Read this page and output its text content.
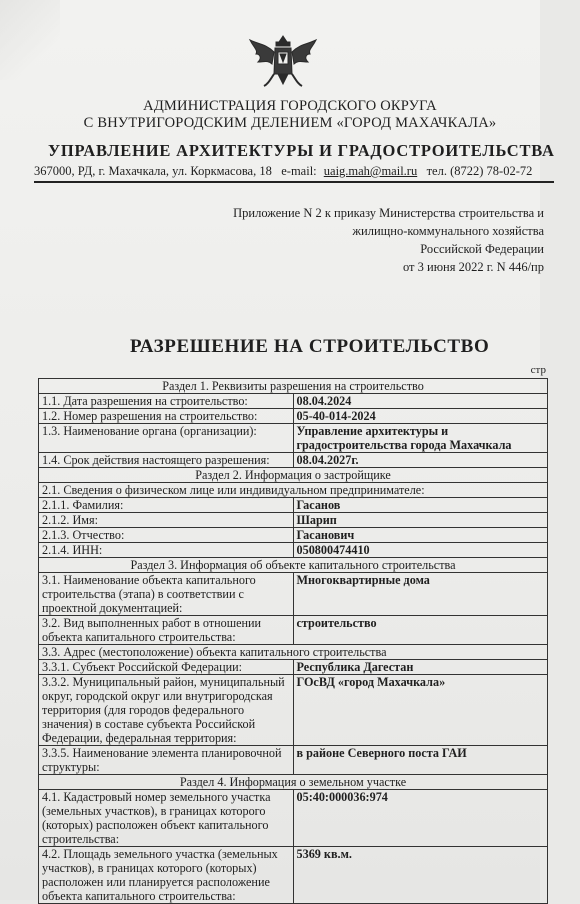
АДМИНИСТРАЦИЯ ГОРОДСКОГО ОКРУГА
С ВНУТРИГОРОДСКИМ ДЕЛЕНИЕМ «ГОРОД МАХАЧКАЛА»
УПРАВЛЕНИЕ АРХИТЕКТУРЫ И ГРАДОСТРОИТЕЛЬСТВА
367000, РД, г. Махачкала, ул. Коркмасова, 18 e-mail: uaig.mah@mail.ru тел. (8722) 78-02-72
Приложение N 2 к приказу Министерства строительства и
жилищно-коммунального хозяйства
Российской Федерации
от 3 июня 2022 г. N 446/пр
РАЗРЕШЕНИЕ НА СТРОИТЕЛЬСТВО
стр
Раздел 1. Реквизиты разрешения на строительство	
1.1. Дата разрешения на строительство:	08.04.2024
1.2. Номер разрешения на строительство:	05-40-014-2024
1.3. Наименование органа (организации):	Управление архитектуры и градостроительства города Махачкала
1.4. Срок действия настоящего разрешения:	08.04.2027г.
Раздел 2. Информация о застройщике	
2.1. Сведения о физическом лице или индивидуальном предпринимателе:	
2.1.1. Фамилия:	Гасанов
2.1.2. Имя:	Шарип
2.1.3. Отчество:	Гасанович
2.1.4. ИНН:	050800474410
Раздел 3. Информация об объекте капитального строительства	
3.1. Наименование объекта капитального строительства (этапа) в соответствии с проектной документацией:	Многоквартирные дома
3.2. Вид выполненных работ в отношении объекта капитального строительства:	строительство
3.3. Адрес (местоположение) объекта капитального строительства	
3.3.1. Субъект Российской Федерации:	Республика Дагестан
3.3.2. Муниципальный район, муниципальный округ, городской округ или внутригородская территория (для городов федерального значения) в составе субъекта Российской Федерации, федеральная территория:	ГОсВД «город Махачкала»
3.3.5. Наименование элемента планировочной структуры:	в районе Северного поста ГАИ
Раздел 4. Информация о земельном участке	
4.1. Кадастровый номер земельного участка (земельных участков), в границах которого (которых) расположен объект капитального строительства:	05:40:000036:974
4.2. Площадь земельного участка (земельных участков), в границах которого (которых) расположен или планируется расположение объекта капитального строительства:	5369 кв.м.
